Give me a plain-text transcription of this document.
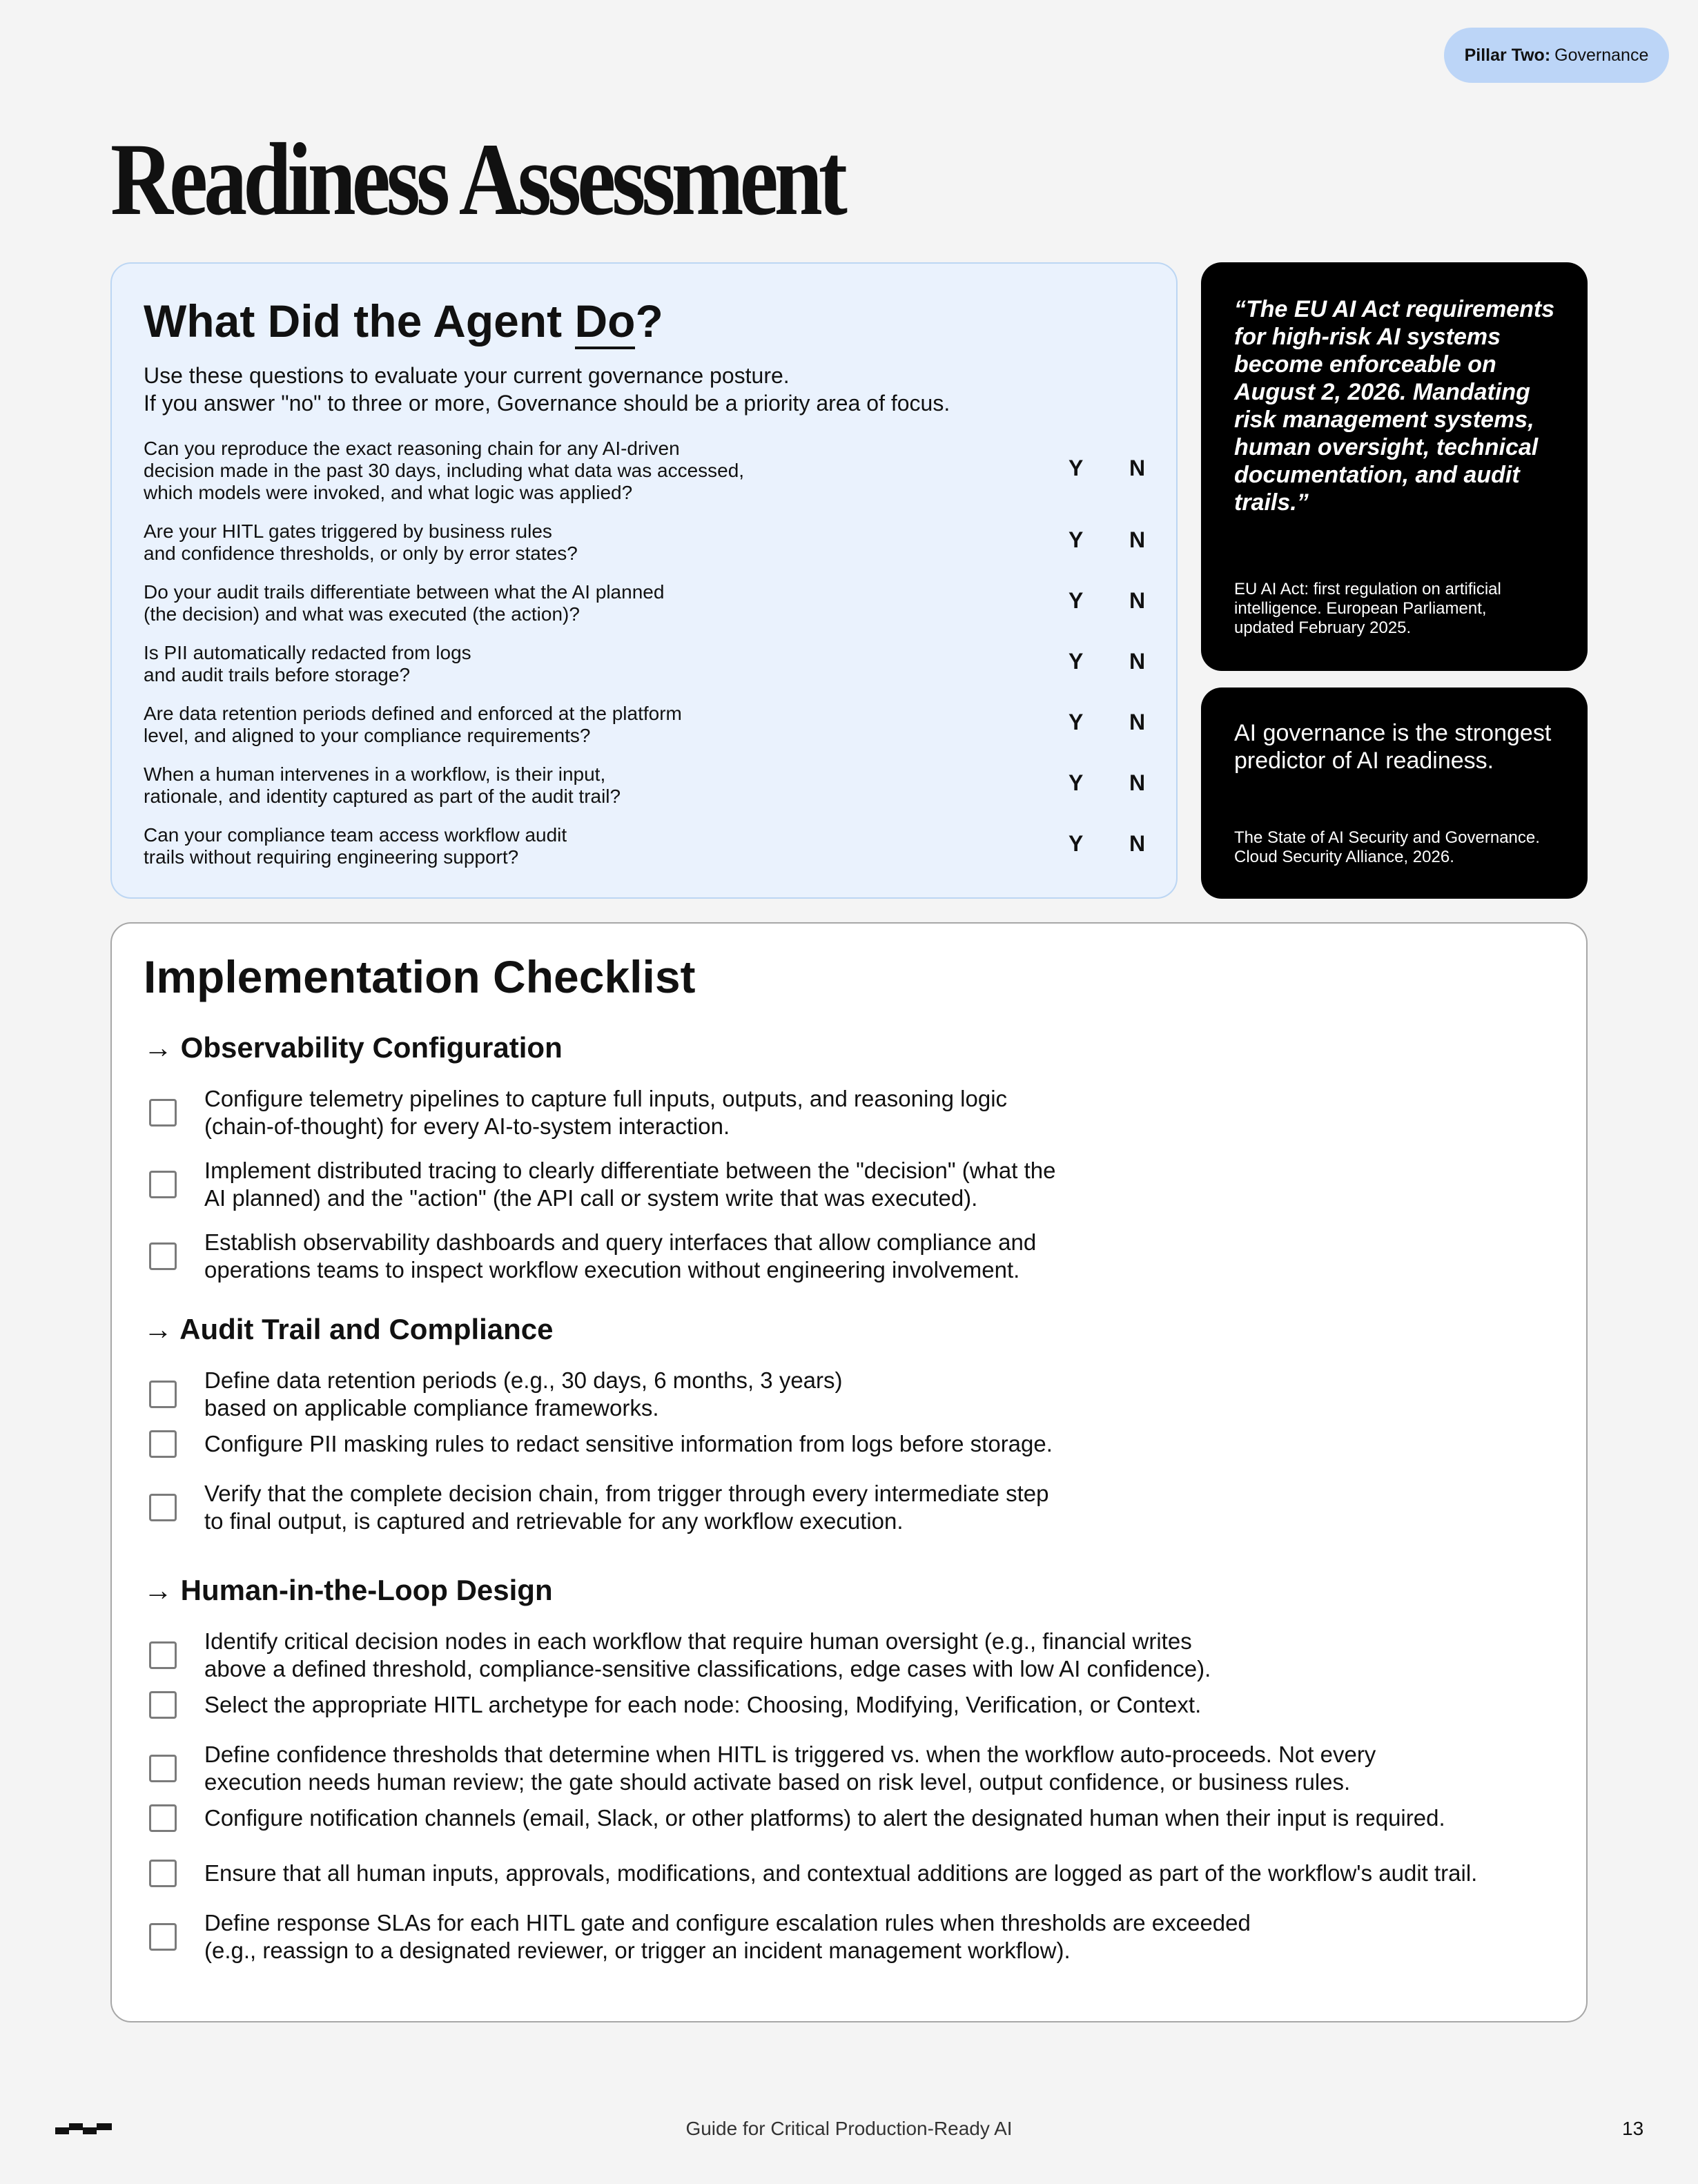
Pillar Two: Governance
Readiness Assessment
What Did the Agent Do?
Use these questions to evaluate your current governance posture.
If you answer "no" to three or more, Governance should be a priority area of focus.
Can you reproduce the exact reasoning chain for any AI-driven
decision made in the past 30 days, including what data was accessed,
which models were invoked, and what logic was applied?
Y N
Are your HITL gates triggered by business rules
and confidence thresholds, or only by error states?
Y N
Do your audit trails differentiate between what the AI planned
(the decision) and what was executed (the action)?
Y N
Is PII automatically redacted from logs
and audit trails before storage?
Y N
Are data retention periods defined and enforced at the platform
level, and aligned to your compliance requirements?
Y N
When a human intervenes in a workflow, is their input,
rationale, and identity captured as part of the audit trail?
Y N
Can your compliance team access workflow audit
trails without requiring engineering support?
Y N
“The EU AI Act requirements
for high-risk AI systems
become enforceable on
August 2, 2026. Mandating
risk management systems,
human oversight, technical
documentation, and audit
trails.”
EU AI Act: first regulation on artificial
intelligence. European Parliament,
updated February 2025.
AI governance is the strongest
predictor of AI readiness.
The State of AI Security and Governance.
Cloud Security Alliance, 2026.
Implementation Checklist
→ Observability Configuration
Configure telemetry pipelines to capture full inputs, outputs, and reasoning logic
(chain-of-thought) for every AI-to-system interaction.
Implement distributed tracing to clearly differentiate between the "decision" (what the
AI planned) and the "action" (the API call or system write that was executed).
Establish observability dashboards and query interfaces that allow compliance and
operations teams to inspect workflow execution without engineering involvement.
→ Audit Trail and Compliance
Define data retention periods (e.g., 30 days, 6 months, 3 years)
based on applicable compliance frameworks.
Configure PII masking rules to redact sensitive information from logs before storage.
Verify that the complete decision chain, from trigger through every intermediate step
to final output, is captured and retrievable for any workflow execution.
→ Human-in-the-Loop Design
Identify critical decision nodes in each workflow that require human oversight (e.g., financial writes
above a defined threshold, compliance-sensitive classifications, edge cases with low AI confidence).
Select the appropriate HITL archetype for each node: Choosing, Modifying, Verification, or Context.
Define confidence thresholds that determine when HITL is triggered vs. when the workflow auto-proceeds. Not every
execution needs human review; the gate should activate based on risk level, output confidence, or business rules.
Configure notification channels (email, Slack, or other platforms) to alert the designated human when their input is required.
Ensure that all human inputs, approvals, modifications, and contextual additions are logged as part of the workflow's audit trail.
Define response SLAs for each HITL gate and configure escalation rules when thresholds are exceeded
(e.g., reassign to a designated reviewer, or trigger an incident management workflow).
Guide for Critical Production-Ready AI	13
